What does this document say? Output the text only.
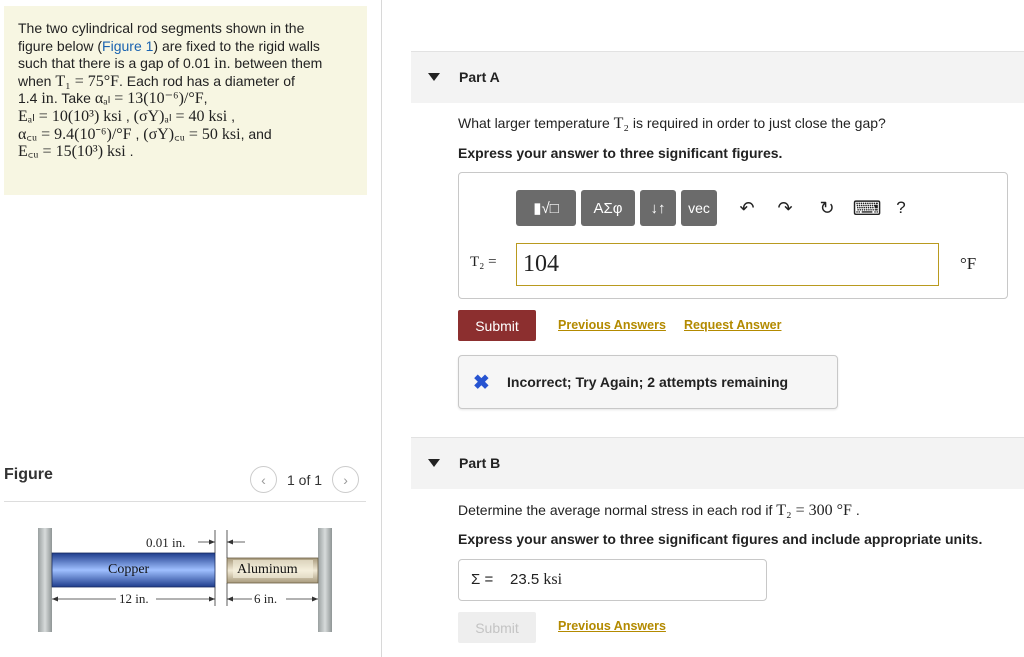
The two cylindrical rod segments shown in the
figure below (Figure 1) are fixed to the rigid walls
such that there is a gap of 0.01 in. between them
when T₁ = 75°F. Each rod has a diameter of
1.4 in. Take αₐₗ = 13(10⁻⁶)/°F,
Eₐₗ = 10(10³) ksi , (σY)ₐₗ = 40 ksi ,
α꜀ᵤ = 9.4(10⁻⁶)/°F , (σY)꜀ᵤ = 50 ksi, and
E꜀ᵤ = 15(10³) ksi .
Figure	‹	1 of 1	›
0.01 in.
Copper	Aluminum
12 in.	6 in.
Part A
What larger temperature T₂ is required in order to just close the gap?
Express your answer to three significant figures.
▮√□	ΑΣφ	↓↑	vec	↶	↷	↻ ⌨ ?
T₂ = 104	°F
Submit	Previous Answers Request Answer
✖ Incorrect; Try Again; 2 attempts remaining
Part B
Determine the average normal stress in each rod if T₂ = 300 °F .
Express your answer to three significant figures and include appropriate units.
Σ = 23.5 ksi
Submit	Previous Answers
